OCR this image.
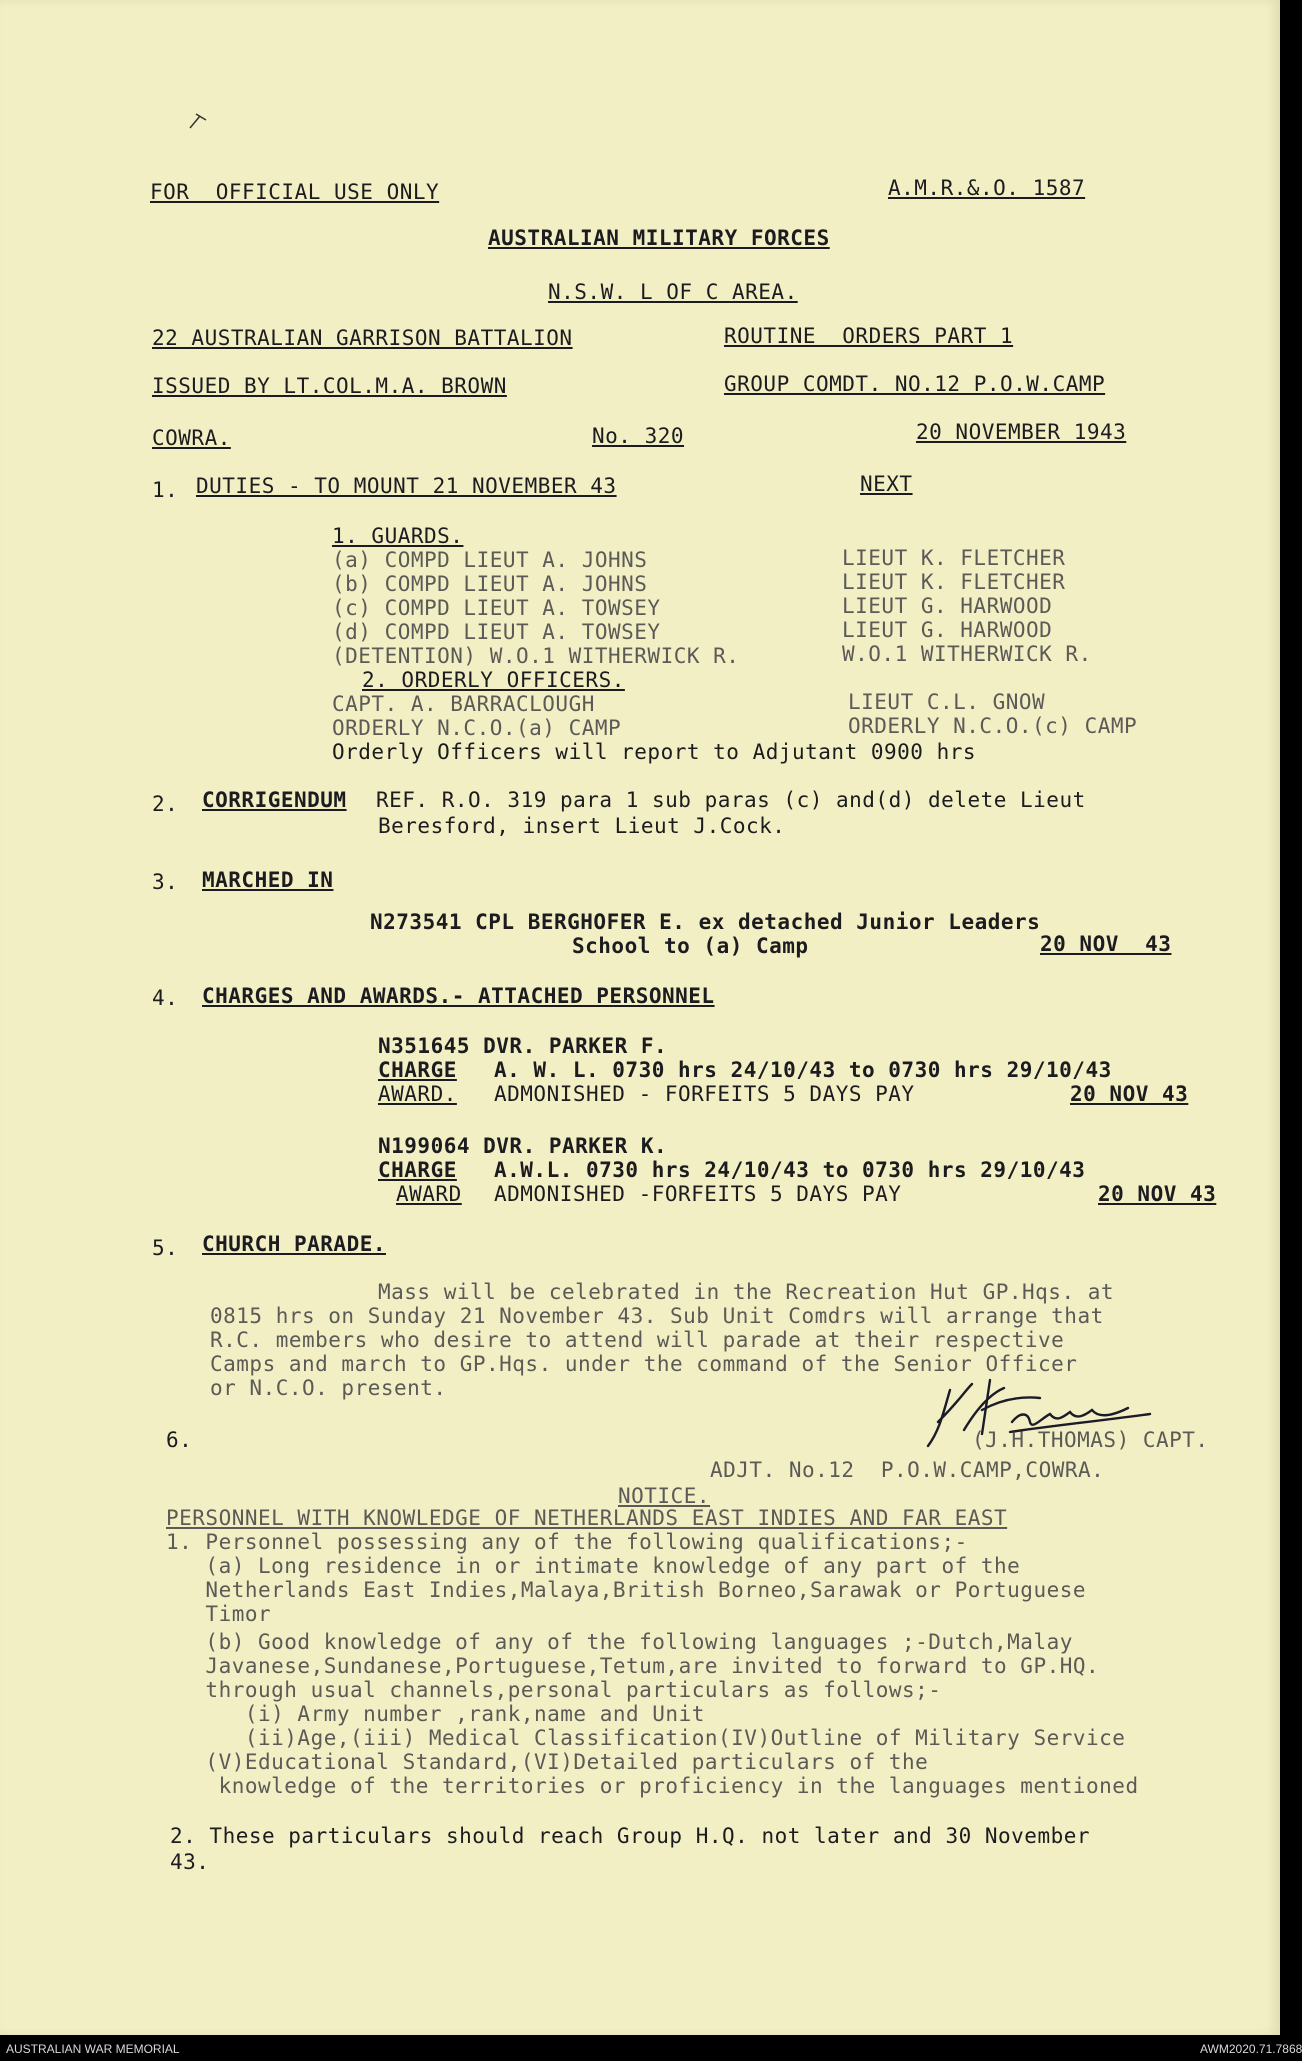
FOR  OFFICIAL USE ONLY	A.M.R.&.O. 1587
AUSTRALIAN MILITARY FORCES
N.S.W. L OF C AREA.
22 AUSTRALIAN GARRISON BATTALION	ROUTINE  ORDERS PART 1
ISSUED BY LT.COL.M.A. BROWN	GROUP COMDT. NO.12 P.O.W.CAMP
COWRA.	No. 320	20 NOVEMBER 1943
1. DUTIES - TO MOUNT 21 NOVEMBER 43	NEXT
1. GUARDS.
(a) COMPD LIEUT A. JOHNS	LIEUT K. FLETCHER
(b) COMPD LIEUT A. JOHNS	LIEUT K. FLETCHER
(c) COMPD LIEUT A. TOWSEY	LIEUT G. HARWOOD
(d) COMPD LIEUT A. TOWSEY	LIEUT G. HARWOOD
(DETENTION) W.O.1 WITHERWICK R.	W.O.1 WITHERWICK R.
2. ORDERLY OFFICERS.
CAPT. A. BARRACLOUGH	LIEUT C.L. GNOW
ORDERLY N.C.O.(a) CAMP	ORDERLY N.C.O.(c) CAMP
Orderly Officers will report to Adjutant 0900 hrs
2. CORRIGENDUM REF. R.O. 319 para 1 sub paras (c) and(d) delete Lieut
Beresford, insert Lieut J.Cock.
3. MARCHED IN
N273541 CPL BERGHOFER E. ex detached Junior Leaders
School to (a) Camp	20 NOV  43
4. CHARGES AND AWARDS.- ATTACHED PERSONNEL
N351645 DVR. PARKER F.
CHARGE A. W. L. 0730 hrs 24/10/43 to 0730 hrs 29/10/43
AWARD. ADMONISHED - FORFEITS 5 DAYS PAY	20 NOV 43
N199064 DVR. PARKER K.
CHARGE A.W.L. 0730 hrs 24/10/43 to 0730 hrs 29/10/43
AWARD ADMONISHED -FORFEITS 5 DAYS PAY	20 NOV 43
5. CHURCH PARADE.
Mass will be celebrated in the Recreation Hut GP.Hqs. at
0815 hrs on Sunday 21 November 43. Sub Unit Comdrs will arrange that
R.C. members who desire to attend will parade at their respective
Camps and march to GP.Hqs. under the command of the Senior Officer
or N.C.O. present.
6.	(J.H.THOMAS) CAPT.
ADJT. No.12  P.O.W.CAMP,COWRA.
NOTICE.
PERSONNEL WITH KNOWLEDGE OF NETHERLANDS EAST INDIES AND FAR EAST
1. Personnel possessing any of the following qualifications;-
(a) Long residence in or intimate knowledge of any part of the
Netherlands East Indies,Malaya,British Borneo,Sarawak or Portuguese
Timor
(b) Good knowledge of any of the following languages ;-Dutch,Malay
Javanese,Sundanese,Portuguese,Tetum,are invited to forward to GP.HQ.
through usual channels,personal particulars as follows;-
(i) Army number ,rank,name and Unit
(ii)Age,(iii) Medical Classification(IV)Outline of Military Service
(V)Educational Standard,(VI)Detailed particulars of the
knowledge of the territories or proficiency in the languages mentioned
2. These particulars should reach Group H.Q. not later and 30 November
43.
AUSTRALIAN WAR MEMORIAL	AWM2020.71.7868
